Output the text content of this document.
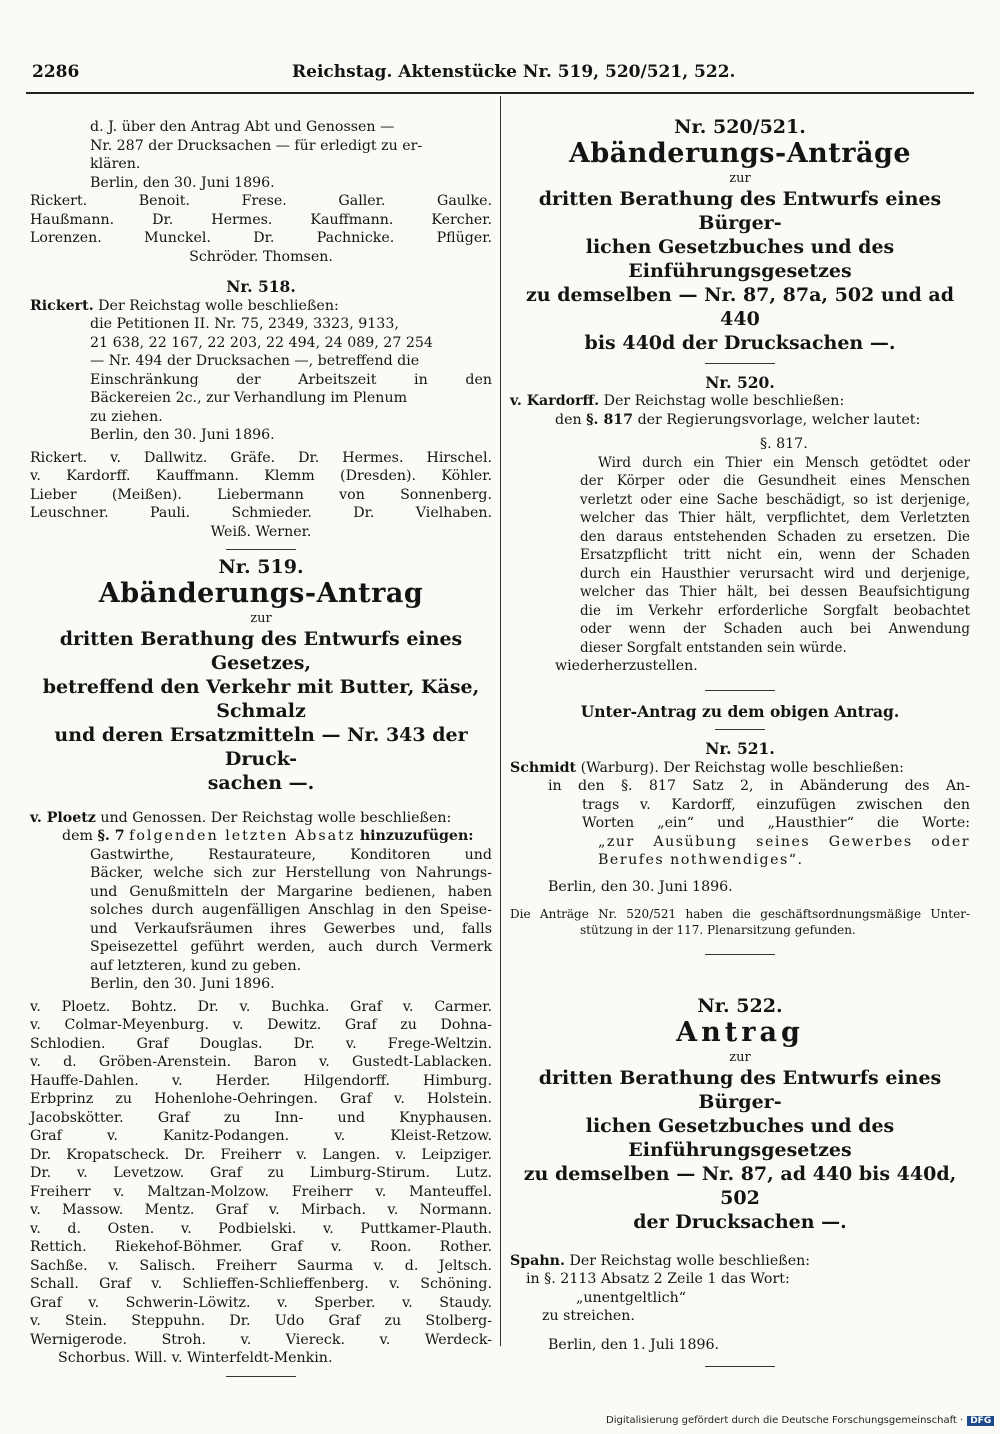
2286	Reichstag. Aktenstücke Nr. 519, 520/521, 522.

d. J. über den Antrag Abt und Genossen —

Nr. 287 der Drucksachen — für erledigt zu er-

klären.

Berlin, den 30. Juni 1896.

Rickert. Benoit. Frese. Galler. Gaulke.

Haußmann. Dr. Hermes. Kauffmann. Kercher.

Lorenzen. Munckel. Dr. Pachnicke. Pflüger.

Schröder. Thomsen.

Nr. 518.

Rickert. Der Reichstag wolle beschließen:

die Petitionen II. Nr. 75, 2349, 3323, 9133,

21 638, 22 167, 22 203, 22 494, 24 089, 27 254

— Nr. 494 der Drucksachen —, betreffend die

Einschränkung der Arbeitszeit in den

Bäckereien 2c., zur Verhandlung im Plenum

zu ziehen.

Berlin, den 30. Juni 1896.

Rickert. v. Dallwitz. Gräfe. Dr. Hermes. Hirschel.

v. Kardorff. Kauffmann. Klemm (Dresden). Köhler.

Lieber (Meißen). Liebermann von Sonnenberg.

Leuschner. Pauli. Schmieder. Dr. Vielhaben.

Weiß. Werner.

Nr. 519.

Abänderungs-Antrag

zur

dritten Berathung des Entwurfs eines Gesetzes,

betreffend den Verkehr mit Butter, Käse, Schmalz

und deren Ersatzmitteln — Nr. 343 der Druck-

sachen —.

v. Ploetz und Genossen. Der Reichstag wolle beschließen:

dem §. 7 folgenden letzten Absatz hinzuzufügen:

Gastwirthe, Restaurateure, Konditoren und

Bäcker, welche sich zur Herstellung von Nahrungs-

und Genußmitteln der Margarine bedienen, haben

solches durch augenfälligen Anschlag in den Speise-

und Verkaufsräumen ihres Gewerbes und, falls

Speisezettel geführt werden, auch durch Vermerk

auf letzteren, kund zu geben.

Berlin, den 30. Juni 1896.

v. Ploetz. Bohtz. Dr. v. Buchka. Graf v. Carmer.

v. Colmar-Meyenburg. v. Dewitz. Graf zu Dohna-

Schlodien. Graf Douglas. Dr. v. Frege-Weltzin.

v. d. Gröben-Arenstein. Baron v. Gustedt-Lablacken.

Hauffe-Dahlen. v. Herder. Hilgendorff. Himburg.

Erbprinz zu Hohenlohe-Oehringen. Graf v. Holstein.

Jacobskötter. Graf zu Inn- und Knyphausen.

Graf v. Kanitz-Podangen. v. Kleist-Retzow.

Dr. Kropatscheck. Dr. Freiherr v. Langen. v. Leipziger.

Dr. v. Levetzow. Graf zu Limburg-Stirum. Lutz.

Freiherr v. Maltzan-Molzow. Freiherr v. Manteuffel.

v. Massow. Mentz. Graf v. Mirbach. v. Normann.

v. d. Osten. v. Podbielski. v. Puttkamer-Plauth.

Rettich. Riekehof-Böhmer. Graf v. Roon. Rother.

Sachße. v. Salisch. Freiherr Saurma v. d. Jeltsch.

Schall. Graf v. Schlieffen-Schlieffenberg. v. Schöning.

Graf v. Schwerin-Löwitz. v. Sperber. v. Staudy.

v. Stein. Steppuhn. Dr. Udo Graf zu Stolberg-

Wernigerode. Stroh. v. Viereck. v. Werdeck-

Schorbus. Will. v. Winterfeldt-Menkin.

Nr. 520/521.

Abänderungs-Anträge

zur

dritten Berathung des Entwurfs eines Bürger-

lichen Gesetzbuches und des Einführungsgesetzes

zu demselben — Nr. 87, 87a, 502 und ad 440

bis 440d der Drucksachen —.

Nr. 520.

v. Kardorff. Der Reichstag wolle beschließen:

den §. 817 der Regierungsvorlage, welcher lautet:

§. 817.

Wird durch ein Thier ein Mensch getödtet oder

der Körper oder die Gesundheit eines Menschen

verletzt oder eine Sache beschädigt, so ist derjenige,

welcher das Thier hält, verpflichtet, dem Verletzten

den daraus entstehenden Schaden zu ersetzen. Die

Ersatzpflicht tritt nicht ein, wenn der Schaden

durch ein Hausthier verursacht wird und derjenige,

welcher das Thier hält, bei dessen Beaufsichtigung

die im Verkehr erforderliche Sorgfalt beobachtet

oder wenn der Schaden auch bei Anwendung

dieser Sorgfalt entstanden sein würde.

wiederherzustellen.

Unter-Antrag zu dem obigen Antrag.

Nr. 521.

Schmidt (Warburg). Der Reichstag wolle beschließen:

in den §. 817 Satz 2, in Abänderung des An-

trags v. Kardorff, einzufügen zwischen den

Worten „ein“ und „Hausthier“ die Worte:

„zur Ausübung seines Gewerbes oder

Berufes nothwendiges“.

Berlin, den 30. Juni 1896.

Die Anträge Nr. 520/521 haben die geschäftsordnungsmäßige Unter-

stützung in der 117. Plenarsitzung gefunden.

Nr. 522.

Antrag

zur

dritten Berathung des Entwurfs eines Bürger-

lichen Gesetzbuches und des Einführungsgesetzes

zu demselben — Nr. 87, ad 440 bis 440d, 502

der Drucksachen —.

Spahn. Der Reichstag wolle beschließen:

in §. 2113 Absatz 2 Zeile 1 das Wort:

„unentgeltlich“

zu streichen.

Berlin, den 1. Juli 1896.

Digitalisierung gefördert durch die Deutsche Forschungsgemeinschaft · DFG
